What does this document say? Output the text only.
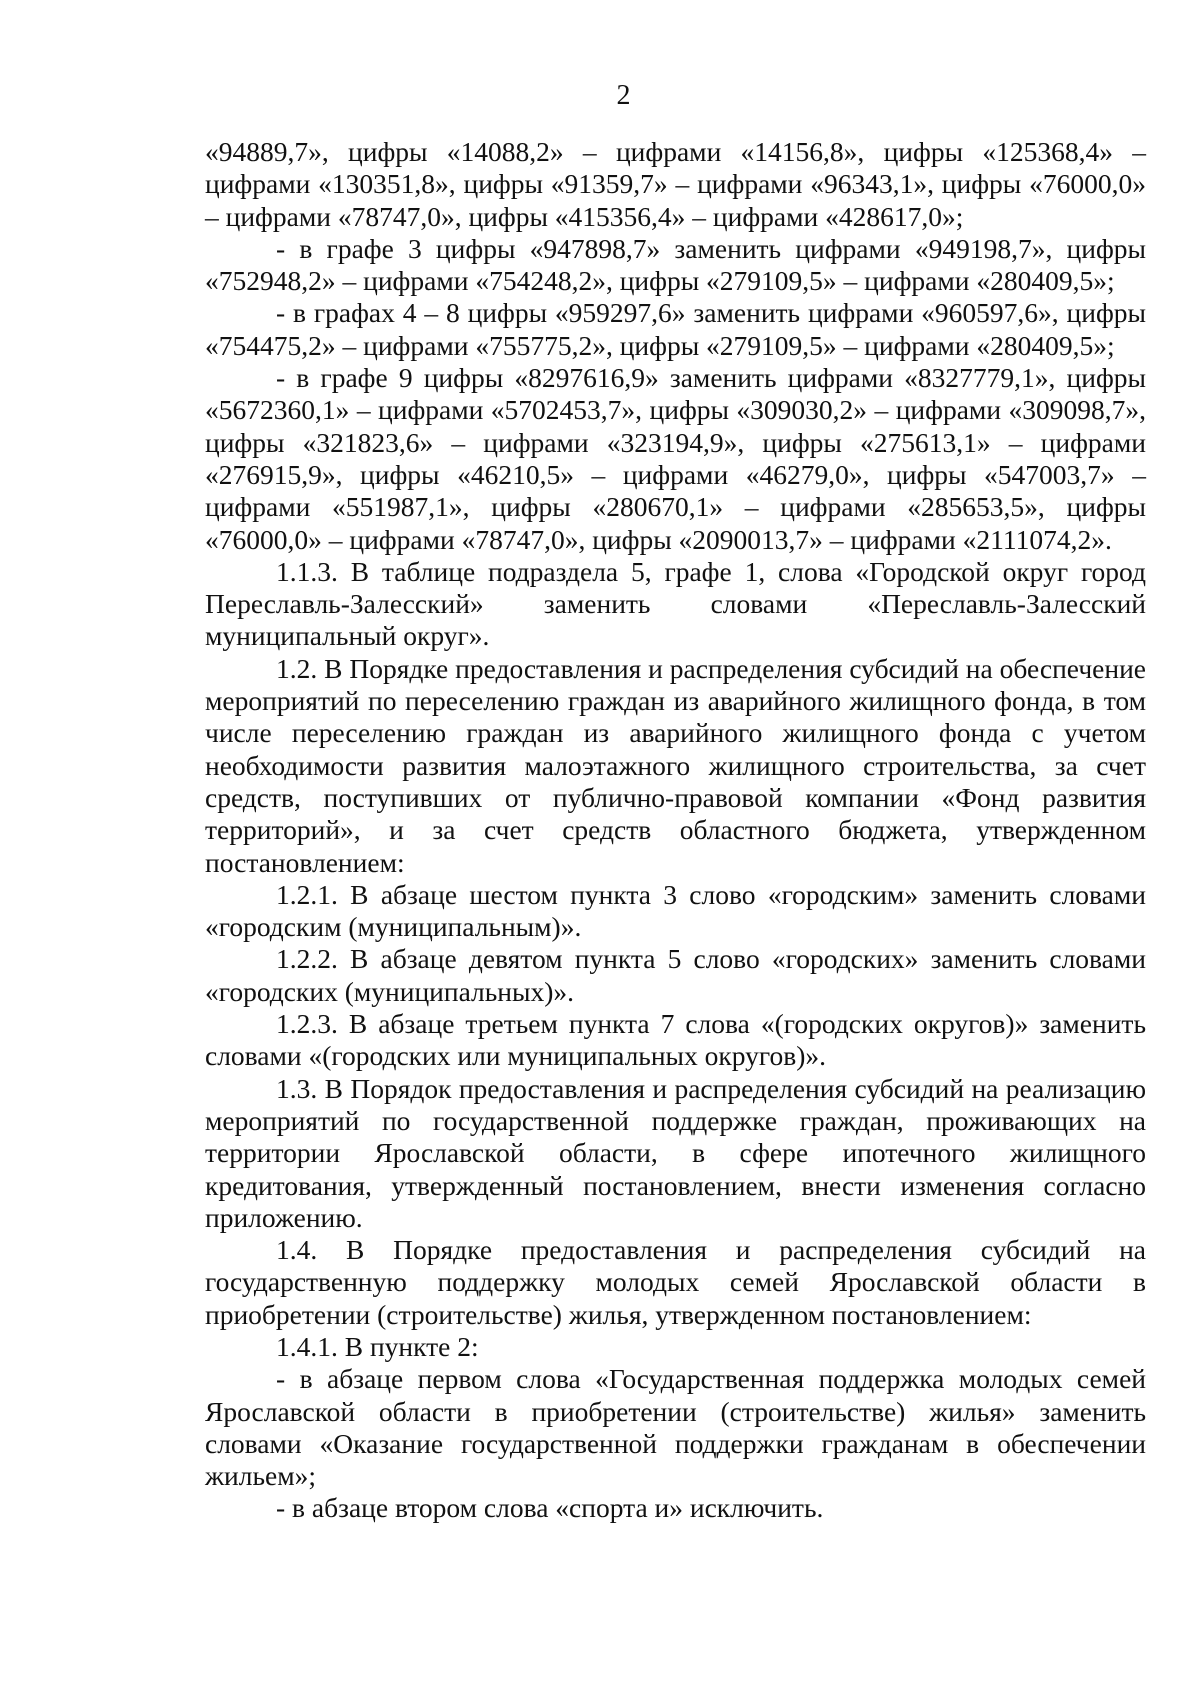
2

«94889,7», цифры «14088,2» – цифрами «14156,8», цифры «125368,4» – цифрами «130351,8», цифры «91359,7» – цифрами «96343,1», цифры «76000,0» – цифрами «78747,0», цифры «415356,4» – цифрами «428617,0»;

- в графе 3 цифры «947898,7» заменить цифрами «949198,7», цифры «752948,2» – цифрами «754248,2», цифры «279109,5» – цифрами «280409,5»;

- в графах 4 – 8 цифры «959297,6» заменить цифрами «960597,6», цифры «754475,2» – цифрами «755775,2», цифры «279109,5» – цифрами «280409,5»;

- в графе 9 цифры «8297616,9» заменить цифрами «8327779,1», цифры «5672360,1» – цифрами «5702453,7», цифры «309030,2» – цифрами «309098,7», цифры «321823,6» – цифрами «323194,9», цифры «275613,1» – цифрами «276915,9», цифры «46210,5» – цифрами «46279,0», цифры «547003,7» – цифрами «551987,1», цифры «280670,1» – цифрами «285653,5», цифры «76000,0» – цифрами «78747,0», цифры «2090013,7» – цифрами «2111074,2».

1.1.3. В таблице подраздела 5, графе 1, слова «Городской округ город Переславль-Залесский» заменить словами «Переславль-Залесский муниципальный округ».

1.2. В Порядке предоставления и распределения субсидий на обеспечение мероприятий по переселению граждан из аварийного жилищного фонда, в том числе переселению граждан из аварийного жилищного фонда с учетом необходимости развития малоэтажного жилищного строительства, за счет средств, поступивших от публично-правовой компании «Фонд развития территорий», и за счет средств областного бюджета, утвержденном постановлением:

1.2.1. В абзаце шестом пункта 3 слово «городским» заменить словами «городским (муниципальным)».

1.2.2. В абзаце девятом пункта 5 слово «городских» заменить словами «городских (муниципальных)».

1.2.3. В абзаце третьем пункта 7 слова «(городских округов)» заменить словами «(городских или муниципальных округов)».

1.3. В Порядок предоставления и распределения субсидий на реализацию мероприятий по государственной поддержке граждан, проживающих на территории Ярославской области, в сфере ипотечного жилищного кредитования, утвержденный постановлением, внести изменения согласно приложению.

1.4. В Порядке предоставления и распределения субсидий на государственную поддержку молодых семей Ярославской области в приобретении (строительстве) жилья, утвержденном постановлением:

1.4.1. В пункте 2:

- в абзаце первом слова «Государственная поддержка молодых семей Ярославской области в приобретении (строительстве) жилья» заменить словами «Оказание государственной поддержки гражданам в обеспечении жильем»;

- в абзаце втором слова «спорта и» исключить.
